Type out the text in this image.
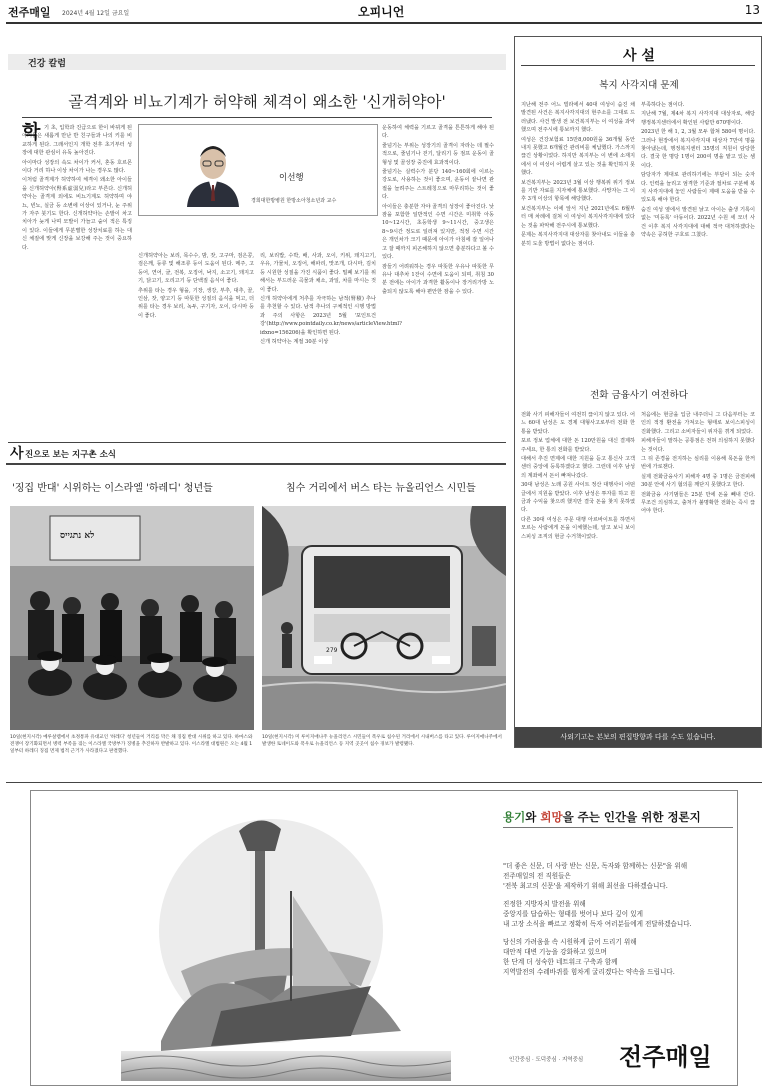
전주매일 2024년 4월 12일 금요일	오피니언	13
건강 칼럼
골격계와 비뇨기계가 허약해 체격이 왜소한 '신개허약아'
학 기 초, 입학과 진급으로 한이 바뀌게 된 아이들은 새롭게 만난 반 친구들과 나의 키를 비교하게 된다. 그래서인지 개학 전후 초기부터 성장에 대한 관심이 유독 높아진다.

아이마다 성장의 속도 차이가 커서, 혼동 호르몬이다 거리 하나 이상 차이가 나는 경우도 많다.

이처럼 골격계가 허약하여 체격이 왜소한 아이들을 신개허약아(腎系虛弱兒)라고 부른다. 신개허약아는 골격계 외에도 비뇨기계도 허약하며 야뇨, 빈뇨, 실금 등 소변에 이상이 있거나, 눈 주위가 자주 붓기도 한다. 신개허약아는 손발이 차고 치아가 늦게 나며 모발이 가늘고 숱이 적은 특징이 있다. 이들에게 무분별한 성장치료를 하는 대신 체질에 맞게 신장을 보강해 주는 것이 중요하다.

이선행
경희대한방병원 한방소아청소년과 교수

신개허약아는 보리, 목수수, 밤, 잣, 고구마, 검은콩, 검은깨, 등류 및 해조류 등이 도움이 된다. 메주, 고등어, 연어, 굴, 전복, 오징어, 낙지, 소고기, 돼지고기, 닭고기, 오리고기 등 단백질 음식이 좋다.

추위를 타는 경우 형을, 기장, 생강, 부추, 대추, 꿀, 인삼, 잣, 양고기 등 따뜻한 성질의 음식을 먹고, 더위를 타는 경우 보리, 녹두, 구기자, 오이, 다시마 등이 좋다.

리, 보리밥, 수박, 배, 사과, 오이, 키위, 돼지고기, 우유, 가물치, 오징어, 해파리, 맛조개, 다시마, 김치 등 시원한 성질을 가진 식품이 좋다. 밀폐 보기를 위해서는 부드러운 곡물과 채소, 과일, 차를 마시는 것이 좋다.

신개 허약아에게 처추를 자극하는 남적(腎積) 추나를 추천할 수 있다. 남적 추나의 구체적인 시행 방법과 주의 사항은 2023년 5월 '포인트건강'(http://www.pointdaily.co.kr/news/articleView.html?idxno=156206)을 확인하면 된다.

신개 허약아는 계절 30분 이상

운동하여 체력을 기르고 골격을 튼튼하게 해야 된다.

줄넘기는 부위는 성장기의 골격이 자라는 데 필수적으로, 줄넘기나 걷기, 달리기 등 점프 운동이 골형성 및 골성장 중진에 효과적이다.

줄넘기는 실력수가 분당 140~160회에 이르는 강도로, 사용하는 것이 좋으며, 운동이 끝나면 관절을 늘려주는 스트레칭으로 마무리하는 것이 좋다.

아이들은 충분한 자야 골격의 성장이 좋아진다. 낮잠을 포함한 일반적인 수면 시간은 미취학 아동 10~12시간, 초등학생 9~11시간, 중고생은 8~9시간 정도로 일러져 있지만, 적정 수면 시간은 개인차가 크기 때문에 아이가 아침에 잘 일어나고 잘 때까지 피곤해하지 않으면 충분하다고 볼 수 있다.

잠들기 어려워하는 경우 따뜻한 우유나 따뜻한 무유나 대추차 1잔이 수면에 도움이 되며, 취침 30분 전에는 아이가 과격한 활동이나 장거리가방 노출되지 않도록 해야 편안한 잠을 수 있다.

사 진으로 보는 지구촌 소식
'징집 반대' 시위하는 이스라엘 '하레디' 청년들
לא נתגייס
10일(현지시각) 예루살렘에서 초정통파 유대교인 '하레디' 청년들이 거리를 막은 채 징집 반대 시위를 하고 있다. 하마스와 전쟁이 장기화되면서 병력 부족을 겪는 이스라엘 국방부가 징병을 추진하자 반발하고 있다. 이스라엘 대법원은 오는 4월 1일부터 하레디 징집 면제 법적 근거가 사라졌다고 판결했다.
침수 거리에서 버스 타는 뉴올리언스 시민들
279
10일(현지시각) 미 루이지애나주 뉴올리언스 시민들이 폭우로 침수된 거리에서 시내버스를 타고 있다. 루이지애나주에서 발생한 토네이도와 폭우로 뉴올리언스 등 지역 곳곳이 침수 경보가 발령됐다.
사 설
복지 사각지대 문제

지난해 전주 어느 빌라에서 40대 여성이 숨진 채 발견된 사건은 복지사각지대의 현주소를 그대로 드러냈다. 사건 발생 전 보건복지부는 이 여성을 과악했으며 전주시에 통보까지 했다.

여성은 건강보험료 15만8,000원을 36개월 동안 내지 못했고 6개월간 관리비를 체납했다. 가스까지 끊긴 상황이었다. 하지만 복지부는 이 변에 소재지에서 이 여성이 어렵게 살고 있는 것을 확인하지 못했다.

보건복지부는 2023년 3월 이상 행복위 위기 정보를 기반 자료를 지자체에 통보했다. 사망자는 그 이후 3개 이상의 항목에 해당했다.

보건복지부는 이에 앞서 지난 2021년에도 6월부터 매 차례에 걸쳐 이 여성이 복지사각지대에 있다는 것을 파악해 전주시에 통보했다.

문제는 복지사각지대 대상자를 찾아내도 이들을 충분히 도울 방법이 없다는 점이다.

부족하다는 점이다.

지난해 7월, 제4차 복지 사각지대 대상자로, 해당 행정복지센터에서 확인된 사람만 670명이다.

2023년 한 해 1, 2, 3월 모두 합쳐 580여 명이다. 그러나 현장에서 복지사각지대 대상자 7만여 명을 찾아냈는데, 행정복지센터 35명의 직원이 담당한다. 결국 한 명당 1명이 200여 명을 맡고 있는 셈이다.

담당자가 제대로 관리하기에는 부담이 되는 숫자다. 인력을 늘리고 엄격한 기준과 절차로 구분해 복지 사각지대에 놓인 사람들이 제때 도움을 받을 수 있도록 해야 한다.

숨진 여성 옆에서 발견된 낡고 아이는 출생 기록이 없는 '미등록' 아동이다. 2022년 수원 세 모녀 사건 이후 복지 사각지대에 대해 적극 대처하겠다는 약속은 공허한 구호로 그쳤다.

전화 금융사기 여전하다

전화 사기 피해자들이 여전히 끊이지 않고 있다. 어느 60대 남성은 도 경제 대형사고로부터 전화 한 통을 받았다.

포르 정보 업체에 대한 돈 120만원을 대신 결제하주세요, 한 통의 전화를 받았다.

대해서 추진 면제에 대한 지원을 듣고 통신사 고객센터 중앙에 등록하겠다고 했다. 그런데 이후 남성의 계좌에서 돈이 빠져나갔다.

30대 남성은 노래 공원 사이트 정산 대행사이 어떤 글에서 지원을 받았다. 이후 남성은 투자를 하고 원금과 수익을 찾으려 했지만 결국 돈을 찾지 못하였다.

다른 30대 여성은 주문 대행 아르바이트를 하면서 모르는 사람에게 돈을 이체했는데, 알고 보니 보이스피싱 조직의 현금 수거책이었다.

처음에는 현금을 입금 내주더니 그 다음부터는 코인의 적정 환전을 가져오는 형태로 보이스피싱이 진화했다. 그리고 소비자들이 위자를 겪게 되었다.

피해자들이 말하는 공통점은 전혀 의심하지 못했다는 것이다.

그 뒤 존경을 전지하는 심리를 이용해 목돈을 한꺼번에 가로챈다.

실제 전화금융사기 피해자 4명 중 1명은 금전피해 30분 안에 사기 혐의를 깨닫지 못했다고 한다.

전화금융 사기범들은 25분 만에 돈을 빼내 간다. 무조건 의심하고, 출처가 불명확한 전화는 즉시 끊어야 한다.

사외기고는 본보의 편집방향과 다를 수도 있습니다.
용기와 희망을 주는 인간을 위한 정론지
"더 좋은 신문, 더 사랑 받는 신문, 독자와 함께하는 신문"을 위해
전주매일의 전 직원들은
'전북 최고의 신문'을 제작하기 위해 최선을 다하겠습니다.
진정한 지방자치 발전을 위해
중앙지를 답습하는 형태를 벗어나 보다 깊이 있게
내 고장 소식을 빠르고 정확히 독자 여러분들에게 전달하겠습니다.
당신의 가려움을 속 시원하게 긁어 드리기 위해
대안적 대변 기능을 강화하고 있으며
한 단계 더 성숙한 네트워크 구축과 함께
지역발전의 수레바퀴를 힘차게 굴리겠다는 약속을 드립니다.
인간중심 · 도덕중심 · 지역중심 전주매일
